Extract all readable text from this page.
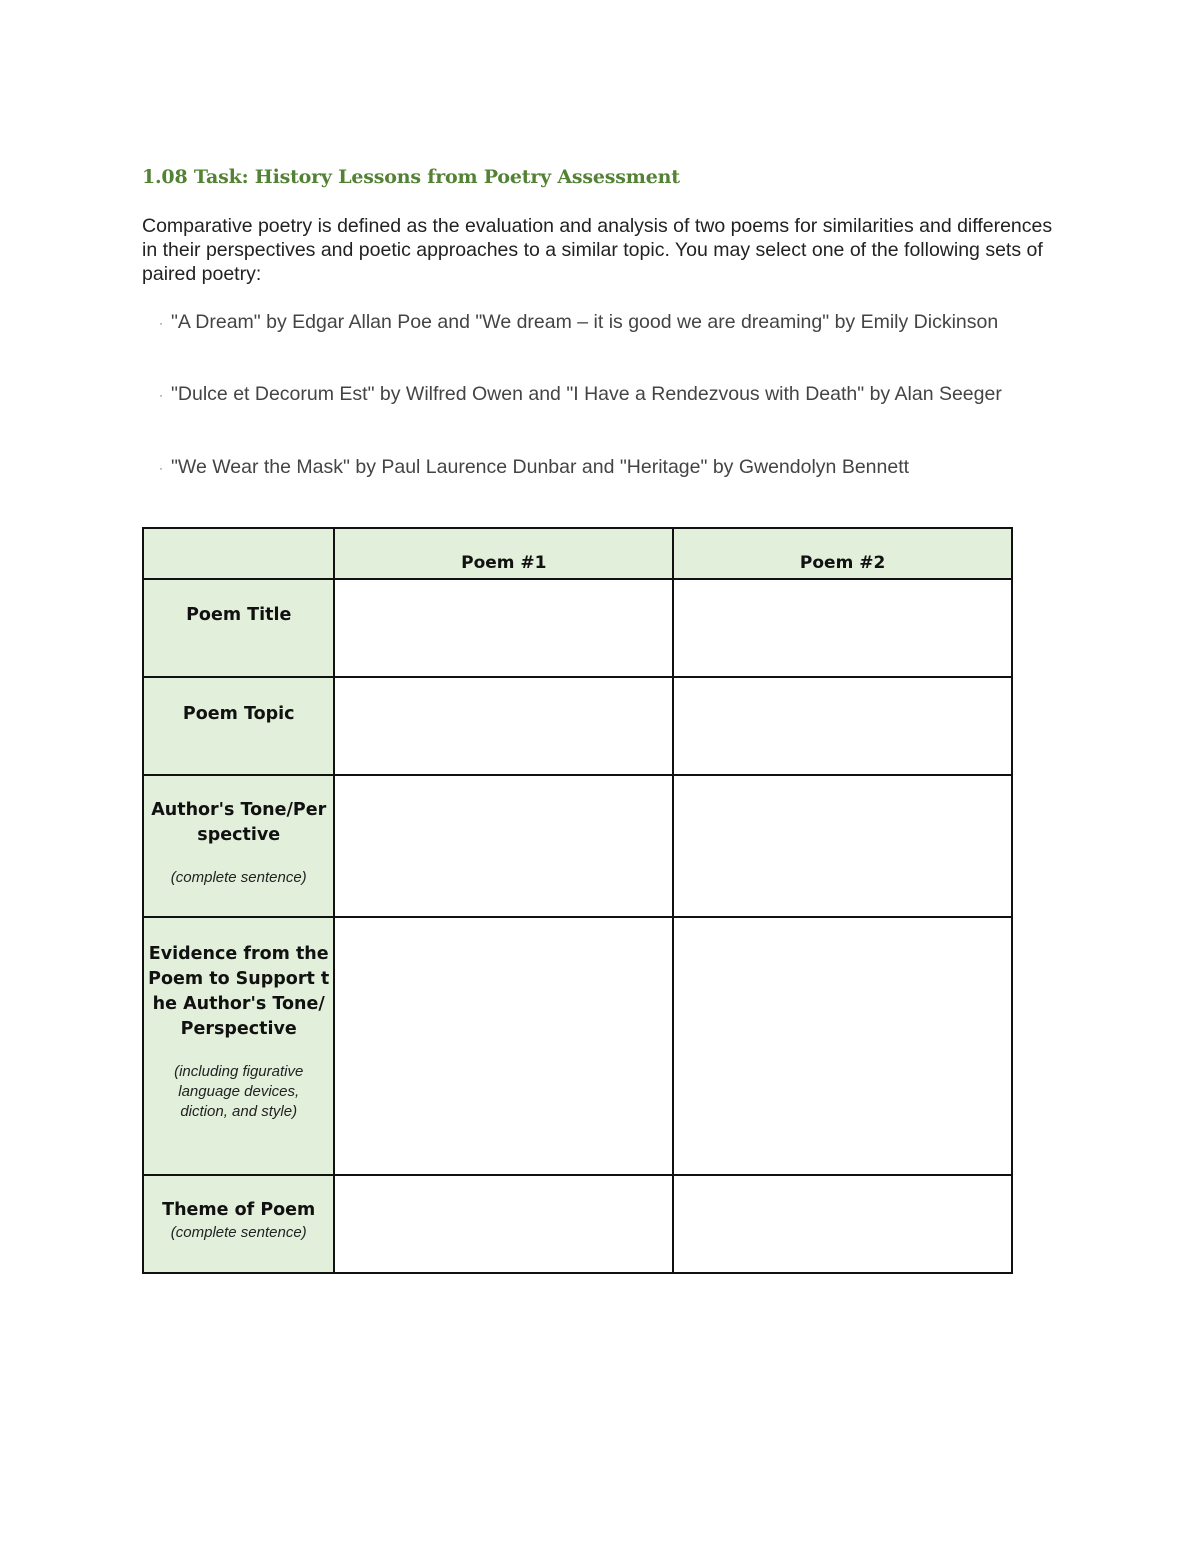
1.08 Task: History Lessons from Poetry Assessment
Comparative poetry is defined as the evaluation and analysis of two poems for similarities and differences in their perspectives and poetic approaches to a similar topic. You may select one of the following sets of paired poetry:
· "A Dream" by Edgar Allan Poe and "We dream – it is good we are dreaming" by Emily Dickinson
· "Dulce et Decorum Est" by Wilfred Owen and "I Have a Rendezvous with Death" by Alan Seeger
· "We Wear the Mask" by Paul Laurence Dunbar and "Heritage" by Gwendolyn Bennett

	Poem #1	Poem #2

Poem Title		

Poem Topic		

Author's Tone/Perspective
(complete sentence)		

Evidence from the Poem to Support the Author's Tone/Perspective
(including figurative language devices, diction, and style)		

Theme of Poem
(complete sentence)		
